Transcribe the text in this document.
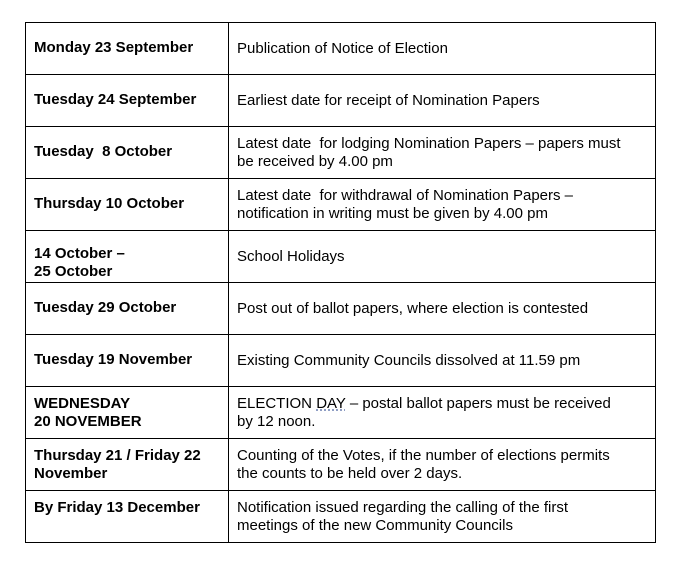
Monday 23 September	Publication of Notice of Election

Tuesday 24 September	Earliest date for receipt of Nomination Papers

Tuesday  8 October	Latest date  for lodging Nomination Papers – papers must
be received by 4.00 pm

Thursday 10 October	Latest date  for withdrawal of Nomination Papers –
notification in writing must be given by 4.00 pm

14 October –
25 October	School Holidays

Tuesday 29 October	Post out of ballot papers, where election is contested

Tuesday 19 November	Existing Community Councils dissolved at 11.59 pm

WEDNESDAY
20 NOVEMBER	ELECTION DAY – postal ballot papers must be received
by 12 noon.

Thursday 21 / Friday 22
November	Counting of the Votes, if the number of elections permits
the counts to be held over 2 days.

By Friday 13 December	Notification issued regarding the calling of the first
meetings of the new Community Councils
